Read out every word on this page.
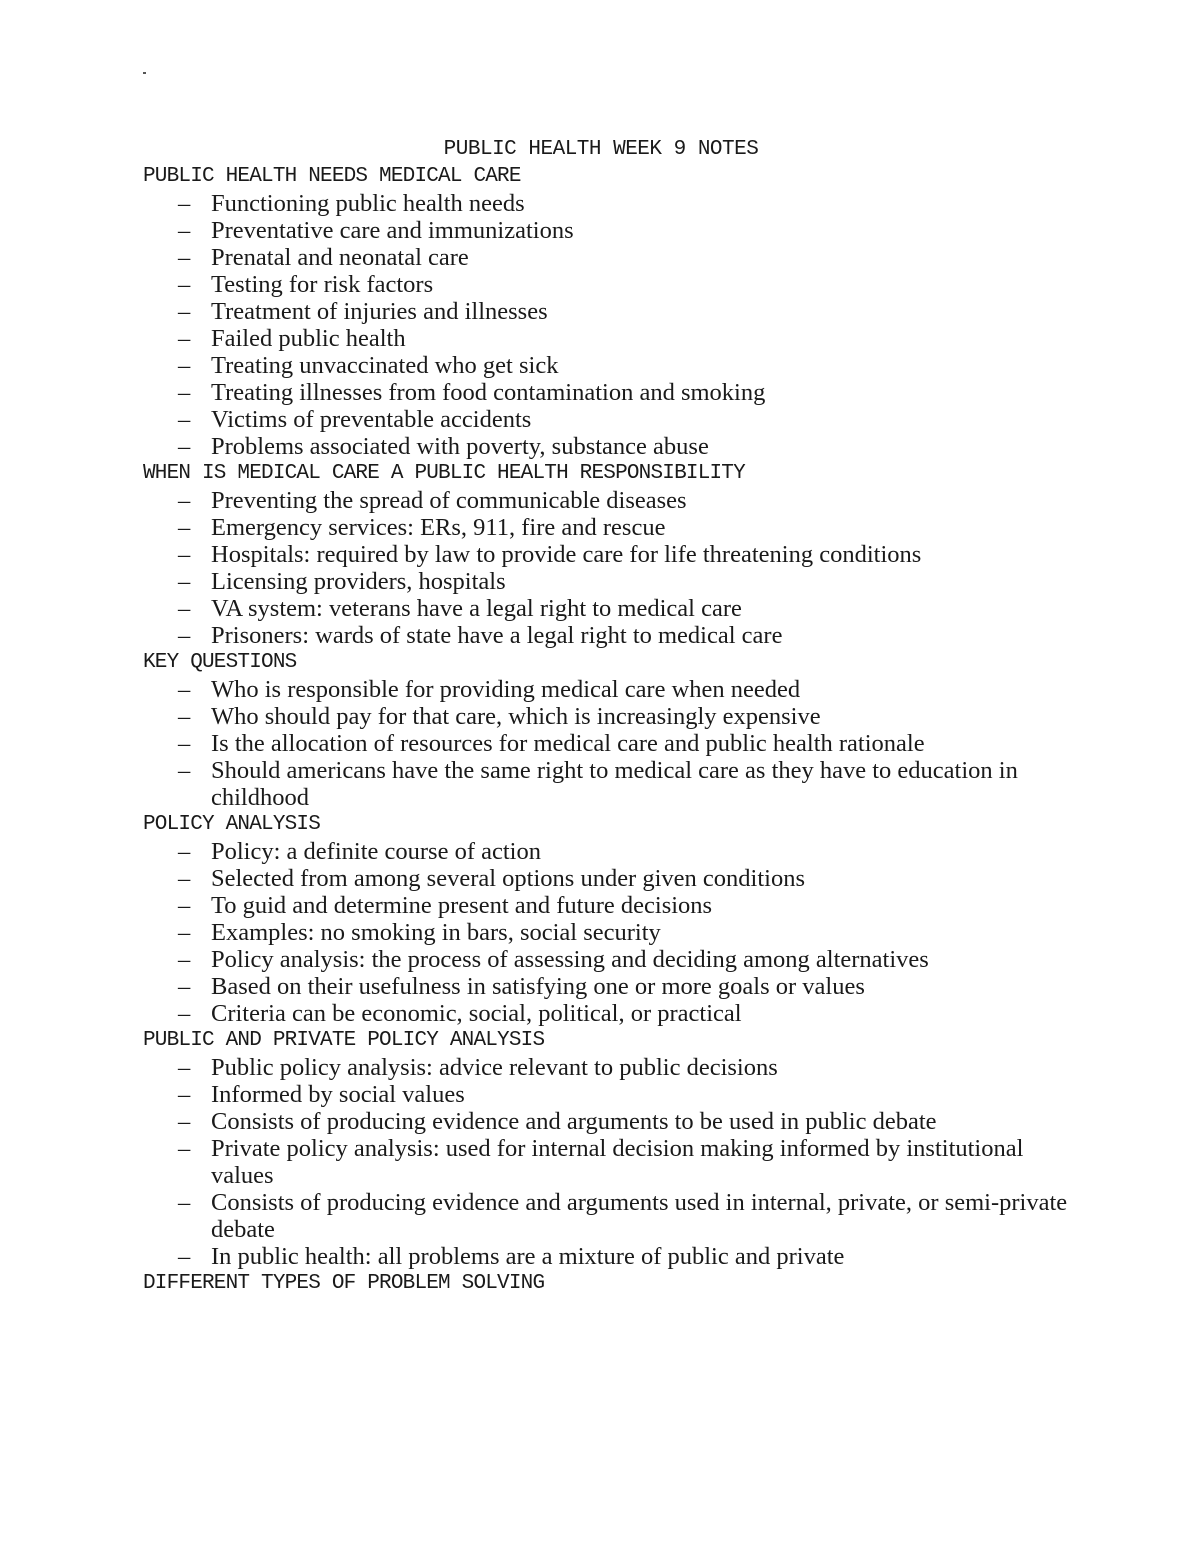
PUBLIC HEALTH WEEK 9 NOTES
PUBLIC HEALTH NEEDS MEDICAL CARE
– Functioning public health needs
– Preventative care and immunizations
– Prenatal and neonatal care
– Testing for risk factors
– Treatment of injuries and illnesses
– Failed public health
– Treating unvaccinated who get sick
– Treating illnesses from food contamination and smoking
– Victims of preventable accidents
– Problems associated with poverty, substance abuse
WHEN IS MEDICAL CARE A PUBLIC HEALTH RESPONSIBILITY
– Preventing the spread of communicable diseases
– Emergency services: ERs, 911, fire and rescue
– Hospitals: required by law to provide care for life threatening conditions
– Licensing providers, hospitals
– VA system: veterans have a legal right to medical care
– Prisoners: wards of state have a legal right to medical care
KEY QUESTIONS
– Who is responsible for providing medical care when needed
– Who should pay for that care, which is increasingly expensive
– Is the allocation of resources for medical care and public health rationale
– Should americans have the same right to medical care as they have to education in childhood
POLICY ANALYSIS
– Policy: a definite course of action
– Selected from among several options under given conditions
– To guid and determine present and future decisions
– Examples: no smoking in bars, social security
– Policy analysis: the process of assessing and deciding among alternatives
– Based on their usefulness in satisfying one or more goals or values
– Criteria can be economic, social, political, or practical
PUBLIC AND PRIVATE POLICY ANALYSIS
– Public policy analysis: advice relevant to public decisions
– Informed by social values
– Consists of producing evidence and arguments to be used in public debate
– Private policy analysis: used for internal decision making informed by institutional values
– Consists of producing evidence and arguments used in internal, private, or semi-private debate
– In public health: all problems are a mixture of public and private
DIFFERENT TYPES OF PROBLEM SOLVING
